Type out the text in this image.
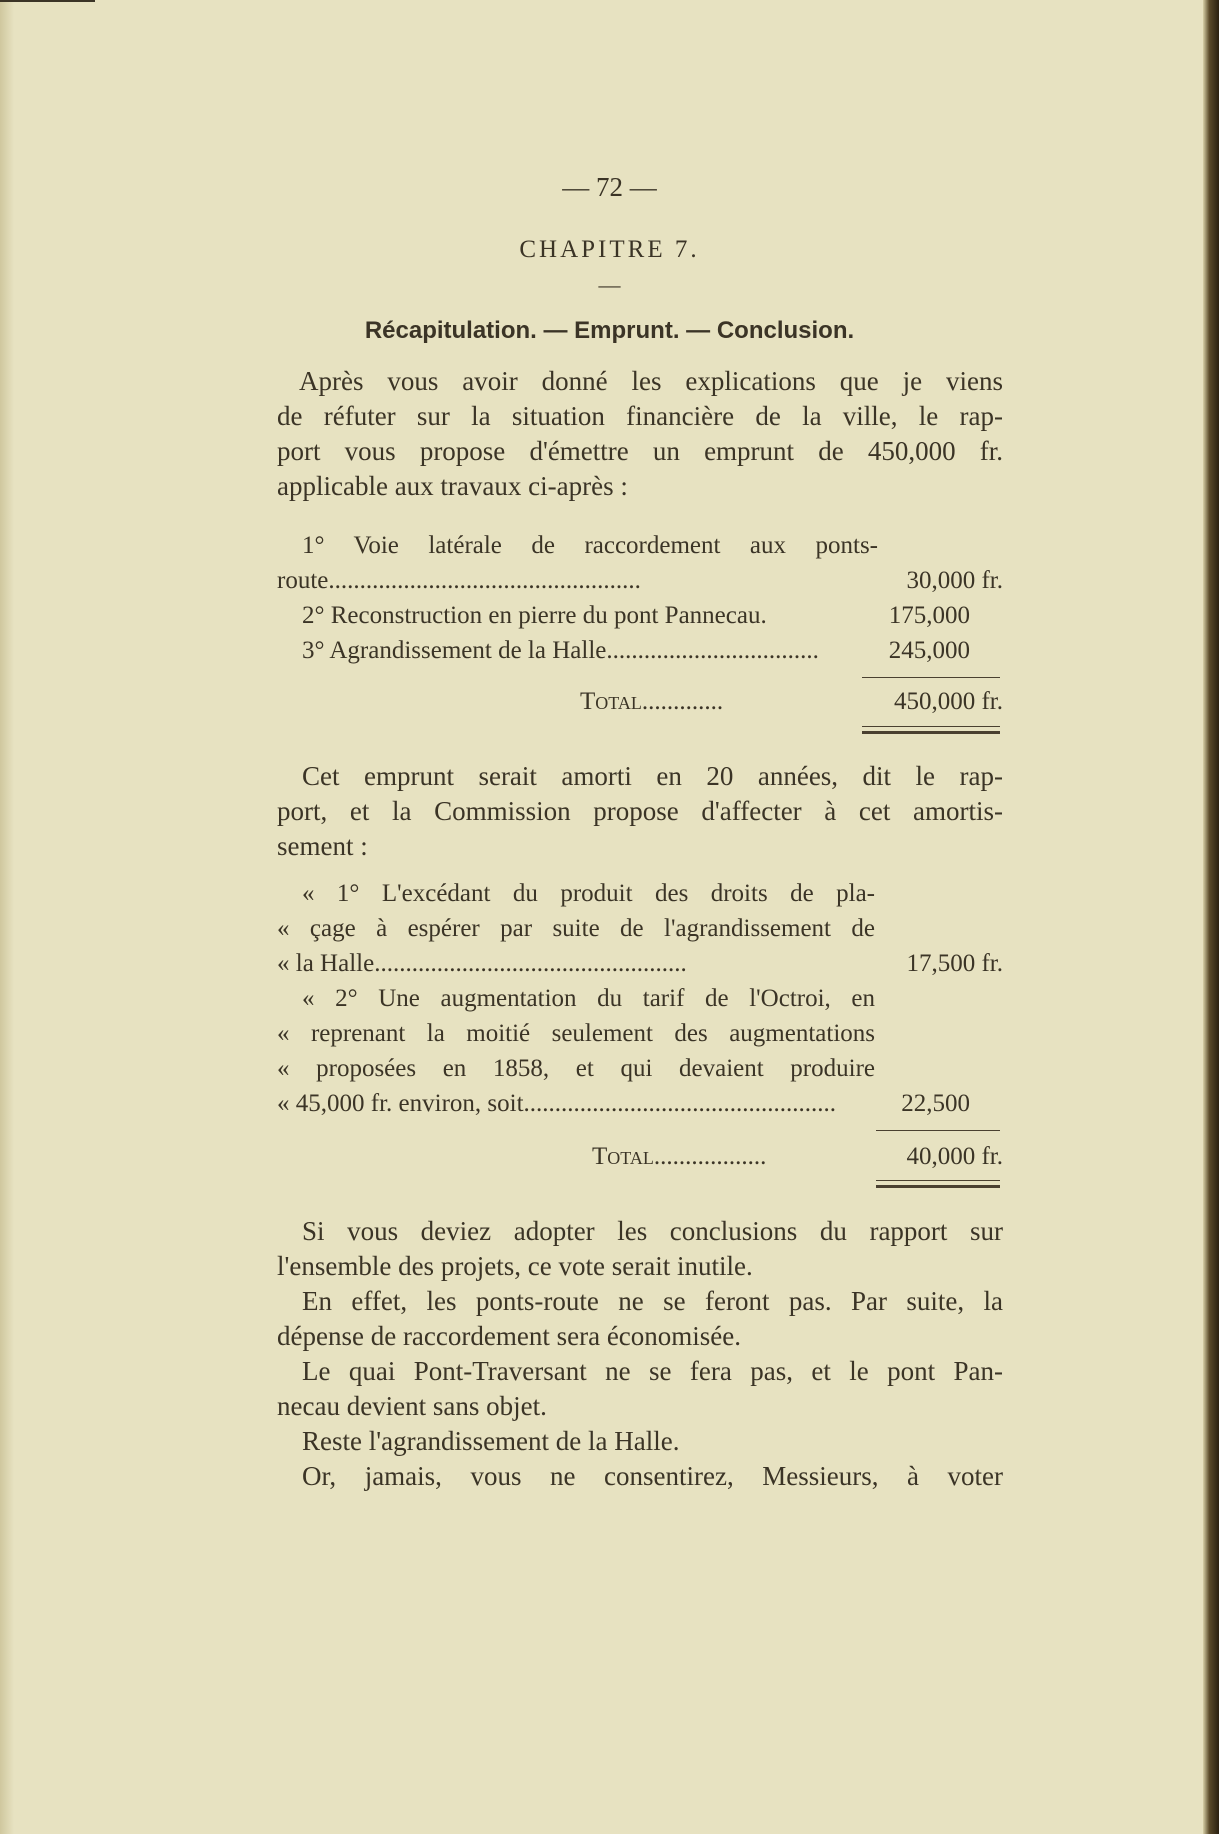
— 72 —
CHAPITRE 7.
—
Récapitulation. — Emprunt. — Conclusion.
Après vous avoir donné les explications que je viens
de réfuter sur la situation financière de la ville, le rap-
port vous propose d'émettre un emprunt de 450,000 fr.
applicable aux travaux ci-après :
1° Voie latérale de raccordement aux ponts-
route..................................................	30,000 fr.
2° Reconstruction en pierre du pont Pannecau.	175,000
3° Agrandissement de la Halle..................................	245,000
Total.............	450,000 fr.
Cet emprunt serait amorti en 20 années, dit le rap-
port, et la Commission propose d'affecter à cet amortis-
sement :
« 1° L'excédant du produit des droits de pla-
« çage à espérer par suite de l'agrandissement de
« la Halle..................................................	17,500 fr.
« 2° Une augmentation du tarif de l'Octroi, en
« reprenant la moitié seulement des augmentations
« proposées en 1858, et qui devaient produire
« 45,000 fr. environ, soit..................................................	22,500
Total..................	40,000 fr.
Si vous deviez adopter les conclusions du rapport sur
l'ensemble des projets, ce vote serait inutile.
En effet, les ponts-route ne se feront pas. Par suite, la
dépense de raccordement sera économisée.
Le quai Pont-Traversant ne se fera pas, et le pont Pan-
necau devient sans objet.
Reste l'agrandissement de la Halle.
Or, jamais, vous ne consentirez, Messieurs, à voter
